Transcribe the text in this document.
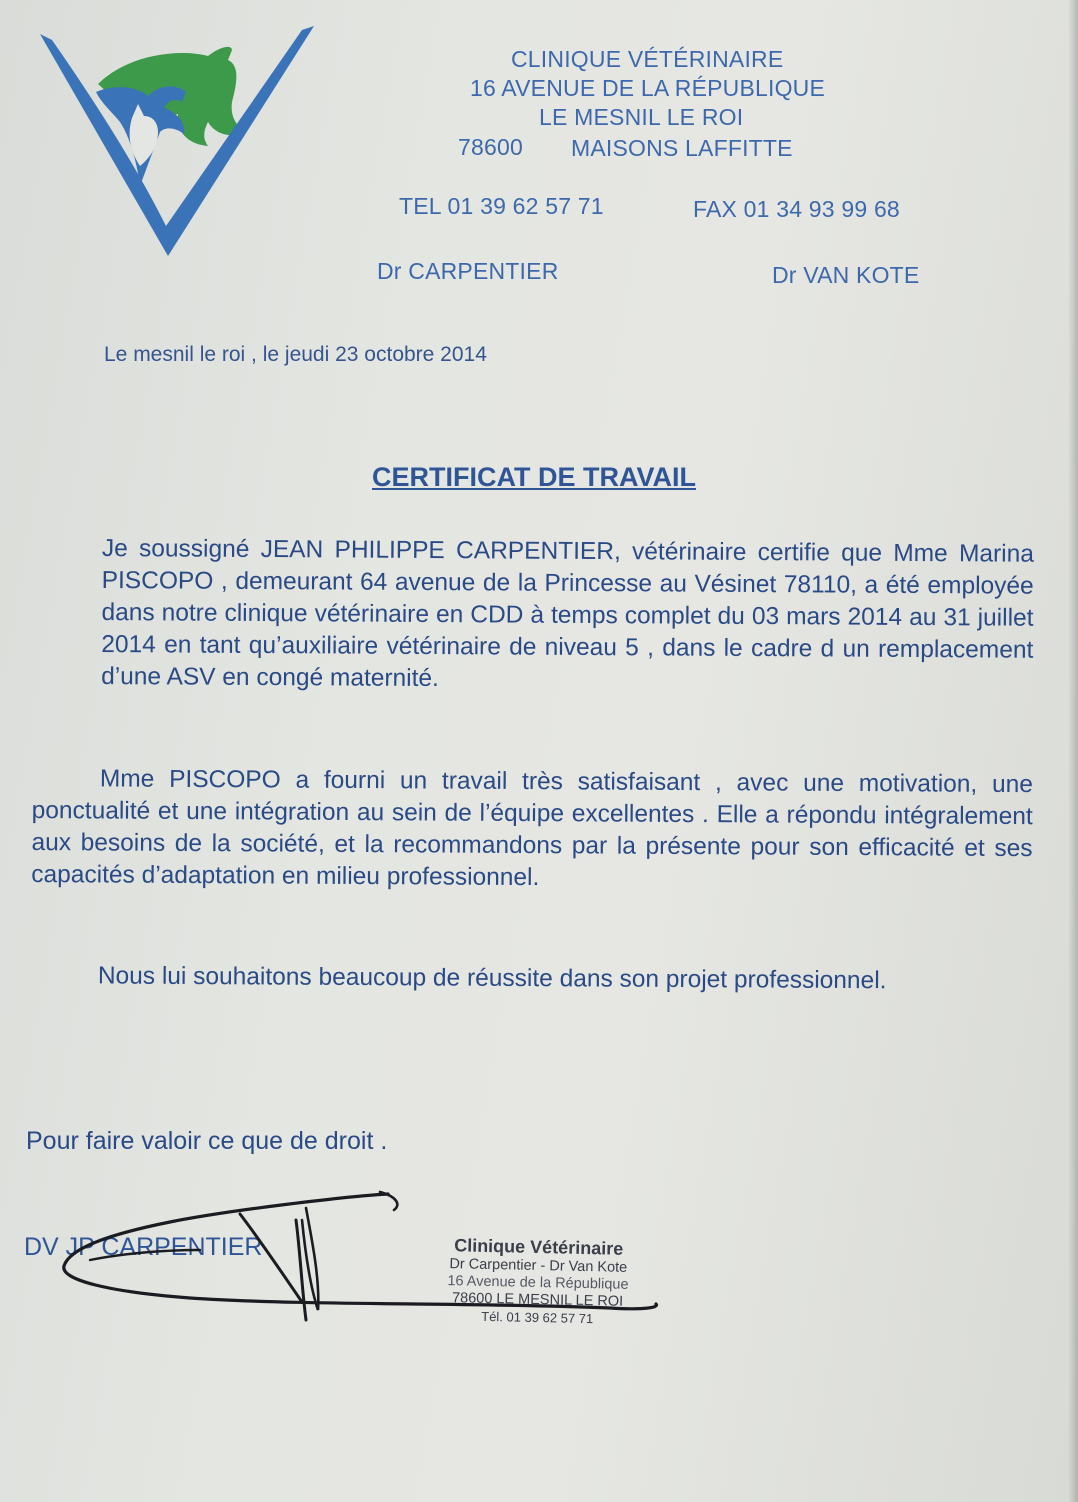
CLINIQUE VÉTÉRINAIRE
16 AVENUE DE LA RÉPUBLIQUE
LE MESNIL LE ROI
78600 MAISONS LAFFITTE
TEL 01 39 62 57 71	FAX 01 34 93 99 68
Dr CARPENTIER	Dr VAN KOTE
Le mesnil le roi , le jeudi 23 octobre 2014
CERTIFICAT DE TRAVAIL
Je soussigné JEAN PHILIPPE CARPENTIER, vétérinaire certifie que Mme Marina PISCOPO , demeurant 64 avenue de la Princesse au Vésinet 78110, a été employée dans notre clinique vétérinaire en CDD à temps complet du 03 mars 2014 au 31 juillet 2014 en tant qu’auxiliaire vétérinaire de niveau 5 , dans le cadre d un remplacement d’une ASV en congé maternité.
Mme PISCOPO a fourni un travail très satisfaisant , avec une motivation, une ponctualité et une intégration au sein de l’équipe excellentes . Elle a répondu intégralement aux besoins de la société, et la recommandons par la présente pour son efficacité et ses capacités d’adaptation en milieu professionnel.
Nous lui souhaitons beaucoup de réussite dans son projet professionnel.
Pour faire valoir ce que de droit .
DV JP CARPENTIER	Clinique Vétérinaire
Dr Carpentier - Dr Van Kote
16 Avenue de la République
78600 LE MESNIL LE ROI
Tél. 01 39 62 57 71
